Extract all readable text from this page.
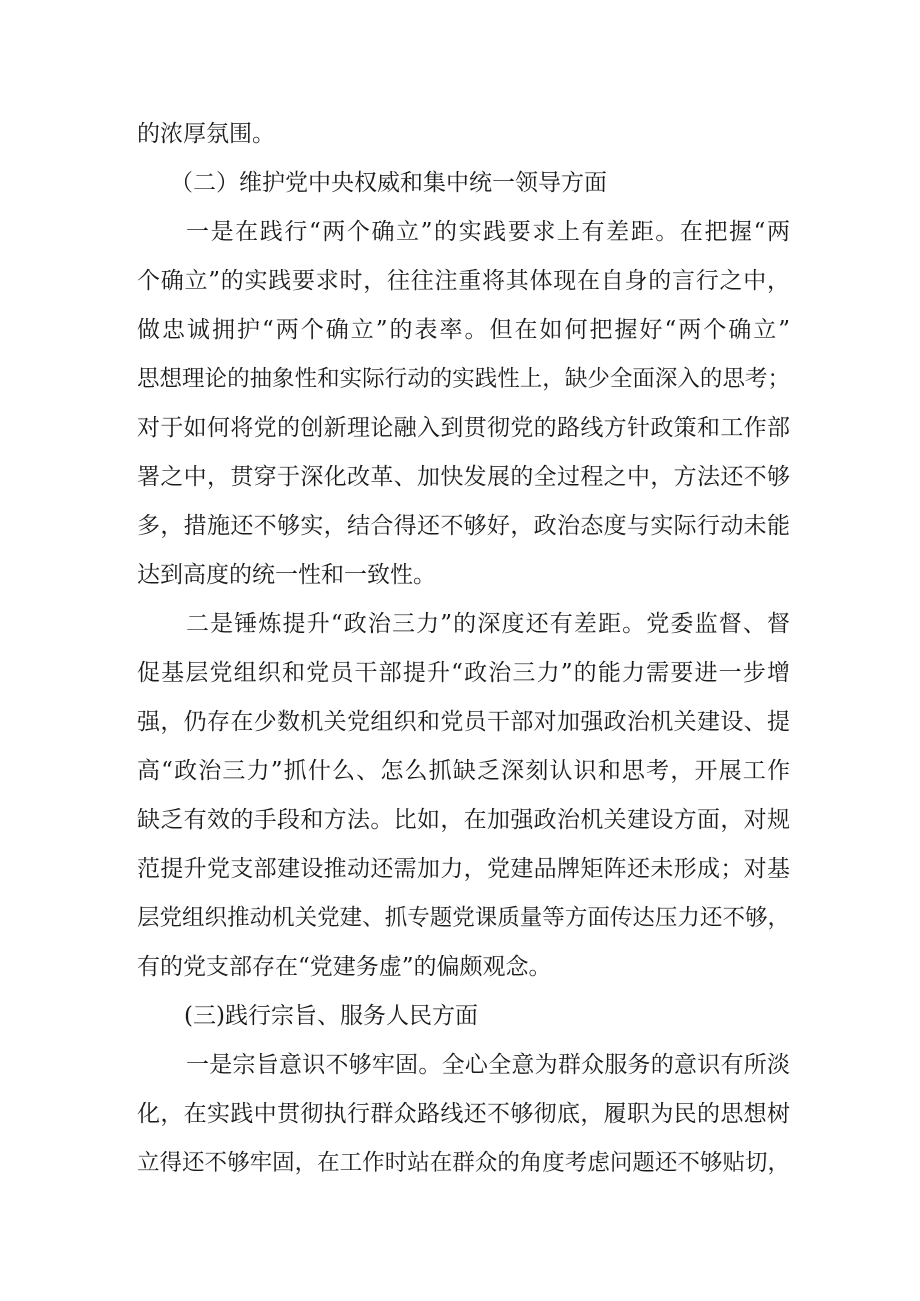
的浓厚氛围。
（二）维护党中央权威和集中统一领导方面
一是在践行“两个确立”的实践要求上有差距。在把握“两
个确立”的实践要求时，往往注重将其体现在自身的言行之中，
做忠诚拥护“两个确立”的表率。但在如何把握好“两个确立”
思想理论的抽象性和实际行动的实践性上，缺少全面深入的思考；
对于如何将党的创新理论融入到贯彻党的路线方针政策和工作部
署之中，贯穿于深化改革、加快发展的全过程之中，方法还不够
多，措施还不够实，结合得还不够好，政治态度与实际行动未能
达到高度的统一性和一致性。
二是锤炼提升“政治三力”的深度还有差距。党委监督、督
促基层党组织和党员干部提升“政治三力”的能力需要进一步增
强，仍存在少数机关党组织和党员干部对加强政治机关建设、提
高“政治三力”抓什么、怎么抓缺乏深刻认识和思考，开展工作
缺乏有效的手段和方法。比如，在加强政治机关建设方面，对规
范提升党支部建设推动还需加力，党建品牌矩阵还未形成；对基
层党组织推动机关党建、抓专题党课质量等方面传达压力还不够，
有的党支部存在“党建务虚”的偏颇观念。
(三)践行宗旨、服务人民方面
一是宗旨意识不够牢固。全心全意为群众服务的意识有所淡
化，在实践中贯彻执行群众路线还不够彻底，履职为民的思想树
立得还不够牢固，在工作时站在群众的角度考虑问题还不够贴切，
